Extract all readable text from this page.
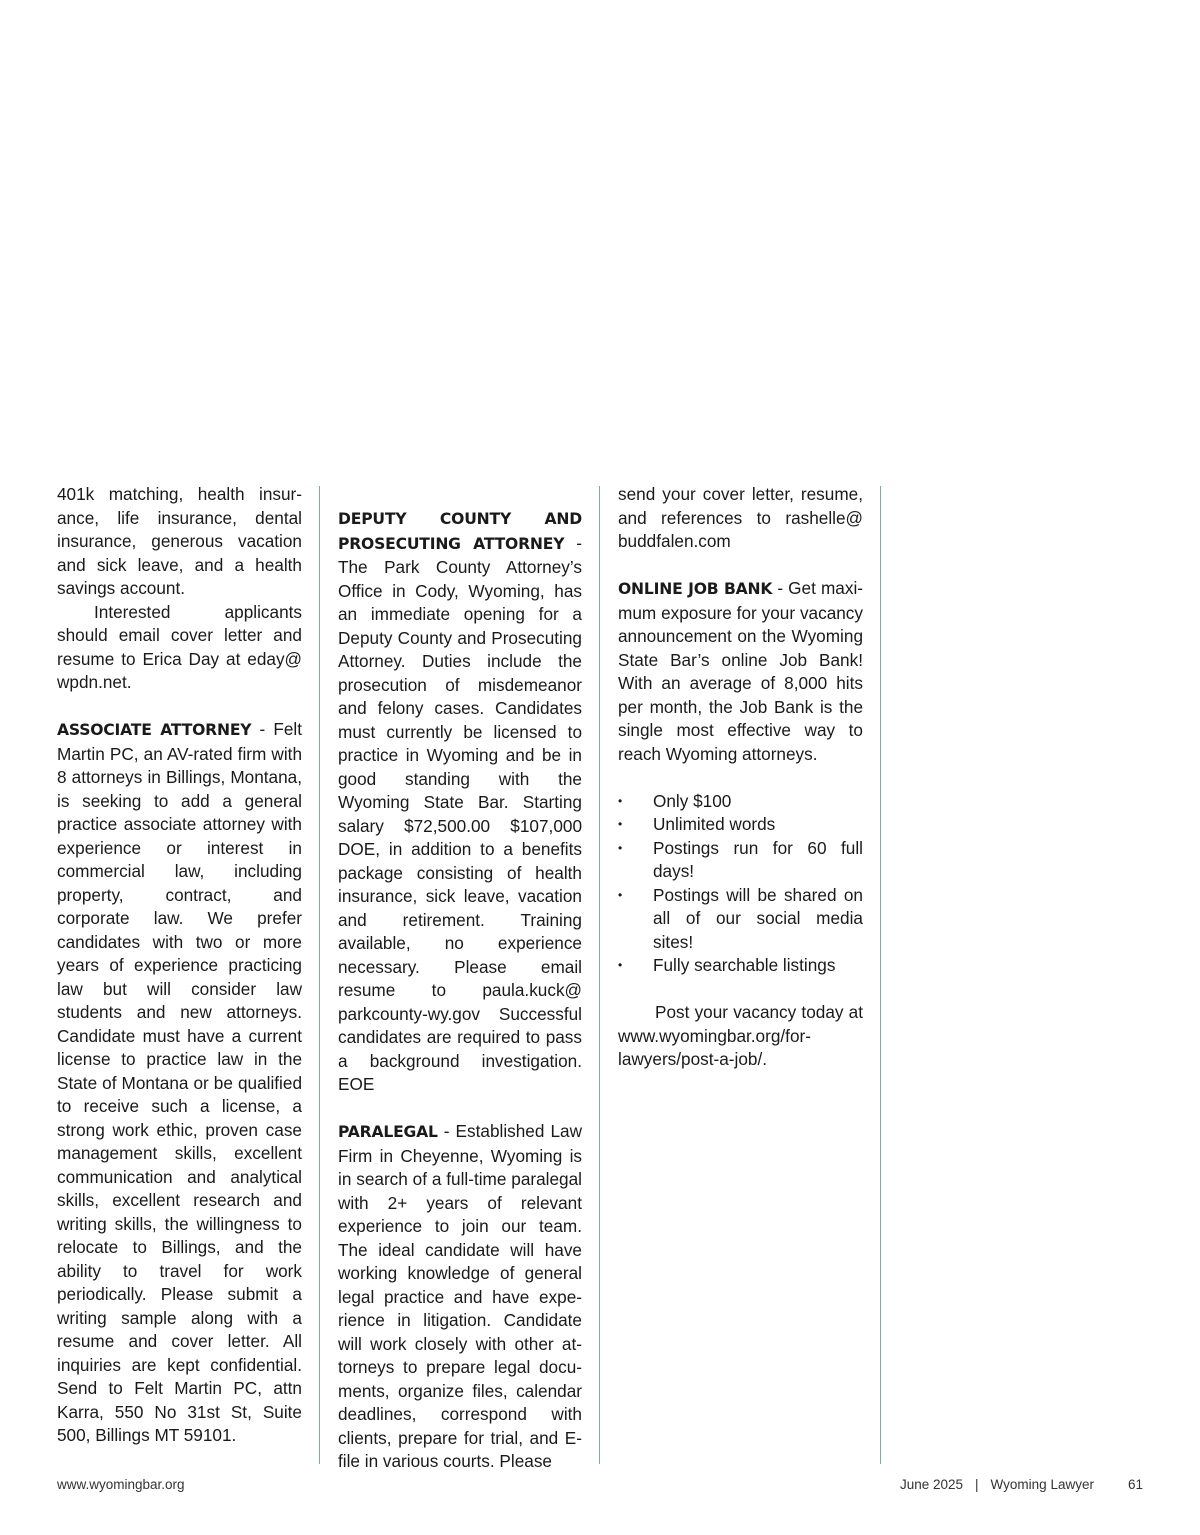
401k matching, health insurance, life insurance, dental insurance, generous vacation and sick leave, and a health savings account.

Interested applicants should email cover letter and resume to Erica Day at eday@ wpdn.net.

ASSOCIATE ATTORNEY - Felt Martin PC, an AV-rated firm with 8 attorneys in Billings, Montana, is seeking to add a general practice associate attorney with experience or interest in commercial law, including property, contract, and corporate law. We prefer candidates with two or more years of experience practicing law but will consider law students and new attorneys. Candidate must have a current license to practice law in the State of Montana or be qualified to receive such a license, a strong work ethic, proven case management skills, excellent communication and analytical skills, excellent research and writing skills, the willingness to relocate to Billings, and the ability to travel for work periodically. Please submit a writing sample along with a resume and cover letter. All inquiries are kept confidential. Send to Felt Martin PC, attn Karra, 550 No 31st St, Suite 500, Billings MT 59101.

DEPUTY COUNTY AND PROSECUTING ATTORNEY - The Park County Attorney’s Office in Cody, Wyoming, has an immediate opening for a Deputy County and Prosecuting Attorney. Duties include the prosecution of misdemeanor and felony cases. Candidates must currently be licensed to practice in Wyoming and be in good standing with the Wyoming State Bar. Starting salary $72,500.00 $107,000 DOE, in addition to a benefits package consisting of health insurance, sick leave, vacation and retirement. Training available, no experience necessary. Please email resume to paula.kuck@ parkcounty-wy.gov Successful candidates are required to pass a background investigation. EOE

PARALEGAL - Established Law Firm in Cheyenne, Wyoming is in search of a full-time paralegal with 2+ years of relevant experience to join our team. The ideal candidate will have working knowledge of general legal practice and have experience in litigation. Candidate will work closely with other attorneys to prepare legal documents, organize files, calendar deadlines, correspond with clients, prepare for trial, and E-file in various courts. Please

send your cover letter, resume, and references to rashelle@ buddfalen.com

ONLINE JOB BANK - Get maximum exposure for your vacancy announcement on the Wyoming State Bar’s online Job Bank! With an average of 8,000 hits per month, the Job Bank is the single most effective way to reach Wyoming attorneys.

• Only $100
• Unlimited words
• Postings run for 60 full days!
• Postings will be shared on all of our social media sites!
• Fully searchable listings

Post your vacancy today at www.wyomingbar.org/for-lawyers/post-a-job/.

www.wyomingbar.org	June 2025 | Wyoming Lawyer	61
